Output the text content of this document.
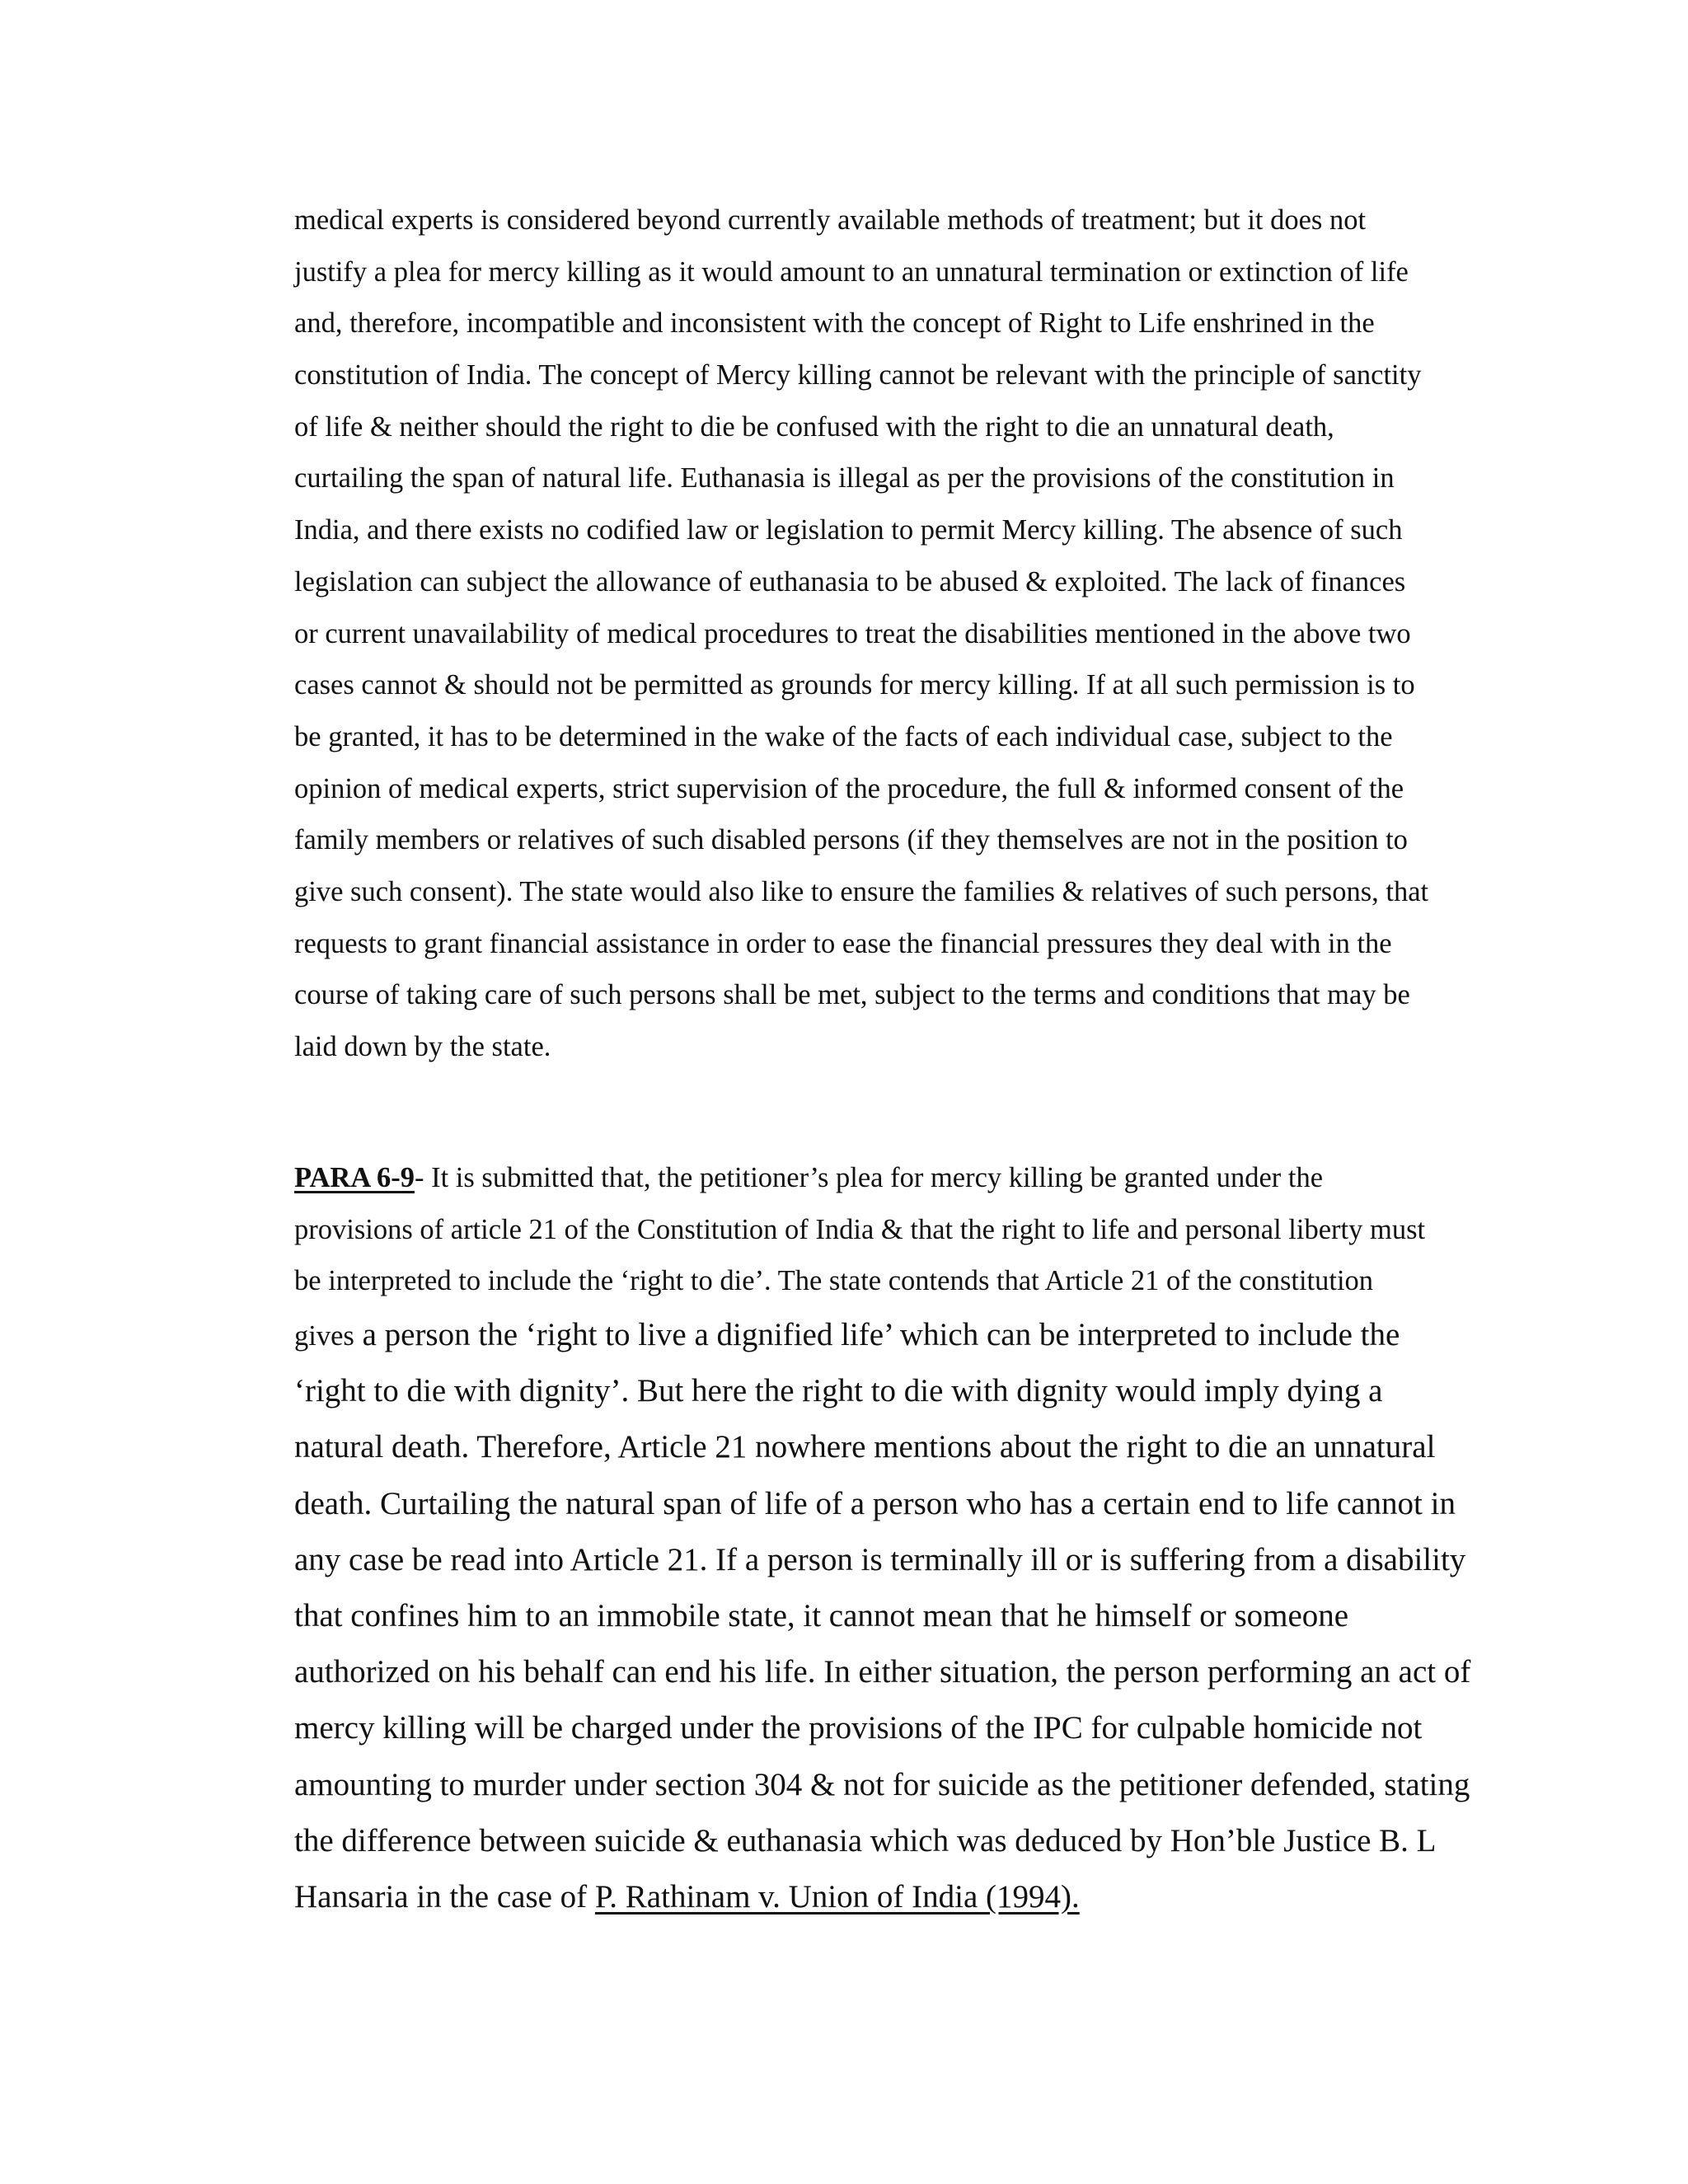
medical experts is considered beyond currently available methods of treatment; but it does not
justify a plea for mercy killing as it would amount to an unnatural termination or extinction of life
and, therefore, incompatible and inconsistent with the concept of Right to Life enshrined in the
constitution of India. The concept of Mercy killing cannot be relevant with the principle of sanctity
of life & neither should the right to die be confused with the right to die an unnatural death,
curtailing the span of natural life. Euthanasia is illegal as per the provisions of the constitution in
India, and there exists no codified law or legislation to permit Mercy killing. The absence of such
legislation can subject the allowance of euthanasia to be abused & exploited. The lack of finances
or current unavailability of medical procedures to treat the disabilities mentioned in the above two
cases cannot & should not be permitted as grounds for mercy killing. If at all such permission is to
be granted, it has to be determined in the wake of the facts of each individual case, subject to the
opinion of medical experts, strict supervision of the procedure, the full & informed consent of the
family members or relatives of such disabled persons (if they themselves are not in the position to
give such consent). The state would also like to ensure the families & relatives of such persons, that
requests to grant financial assistance in order to ease the financial pressures they deal with in the
course of taking care of such persons shall be met, subject to the terms and conditions that may be
laid down by the state.
PARA 6-9- It is submitted that, the petitioner’s plea for mercy killing be granted under the
provisions of article 21 of the Constitution of India & that the right to life and personal liberty must
be interpreted to include the ‘right to die’. The state contends that Article 21 of the constitution
gives a person the ‘right to live a dignified life’ which can be interpreted to include the
‘right to die with dignity’. But here the right to die with dignity would imply dying a
natural death. Therefore, Article 21 nowhere mentions about the right to die an unnatural
death. Curtailing the natural span of life of a person who has a certain end to life cannot in
any case be read into Article 21. If a person is terminally ill or is suffering from a disability
that confines him to an immobile state, it cannot mean that he himself or someone
authorized on his behalf can end his life. In either situation, the person performing an act of
mercy killing will be charged under the provisions of the IPC for culpable homicide not
amounting to murder under section 304 & not for suicide as the petitioner defended, stating
the difference between suicide & euthanasia which was deduced by Hon’ble Justice B. L
Hansaria in the case of P. Rathinam v. Union of India (1994).
